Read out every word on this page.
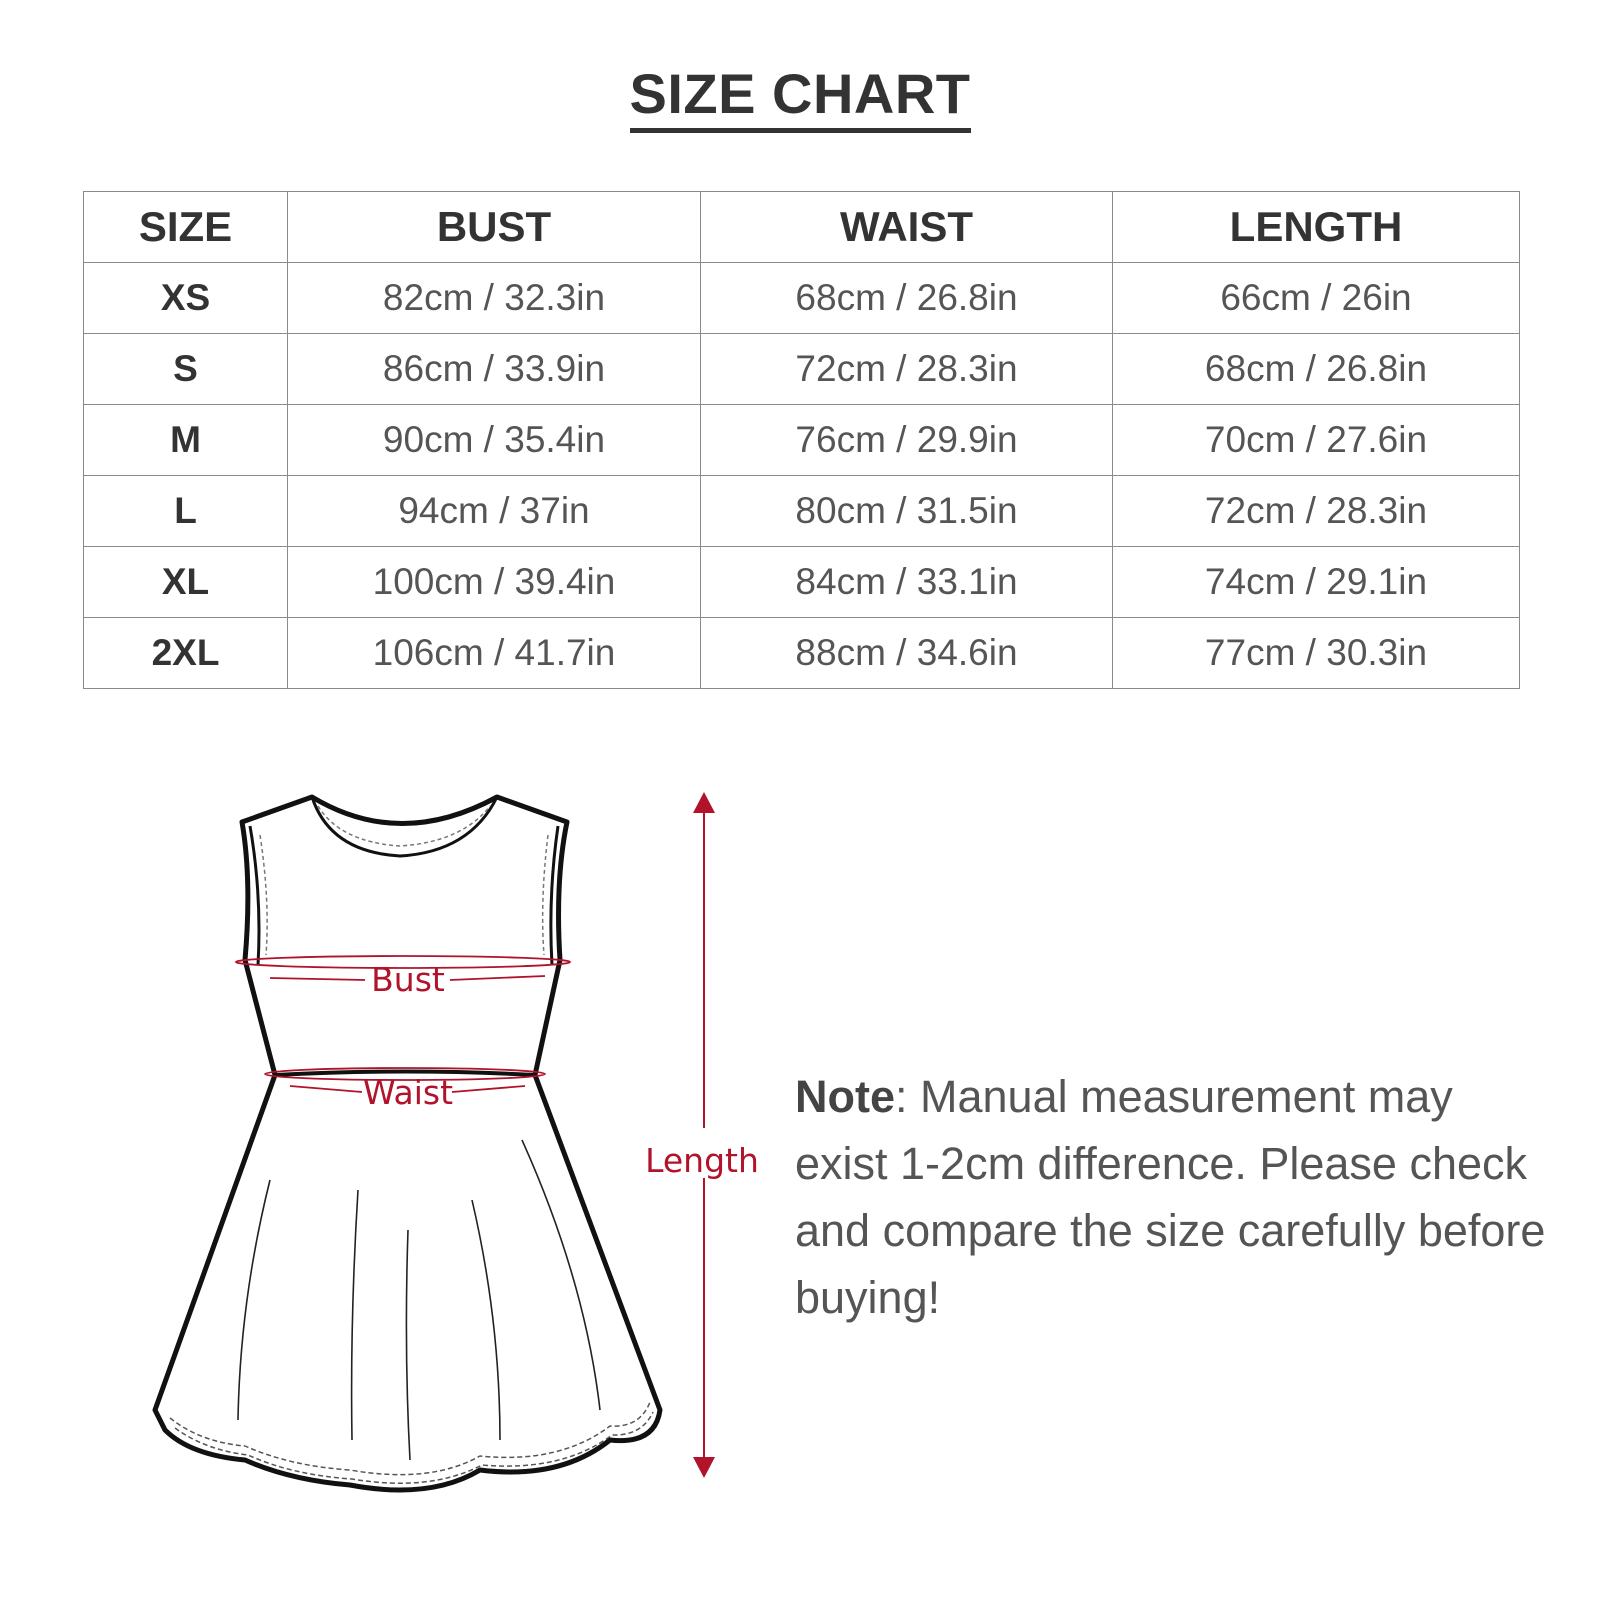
SIZE CHART
SIZE	BUST	WAIST	LENGTH
XS	82cm / 32.3in	68cm / 26.8in	66cm / 26in
S	86cm / 33.9in	72cm / 28.3in	68cm / 26.8in
M	90cm / 35.4in	76cm / 29.9in	70cm / 27.6in
L	94cm / 37in	80cm / 31.5in	72cm / 28.3in
XL	100cm / 39.4in	84cm / 33.1in	74cm / 29.1in
2XL	106cm / 41.7in	88cm / 34.6in	77cm / 30.3in
Bust
Waist
Length

Note: Manual measurement may exist 1-2cm difference. Please check and compare the size carefully before buying!
